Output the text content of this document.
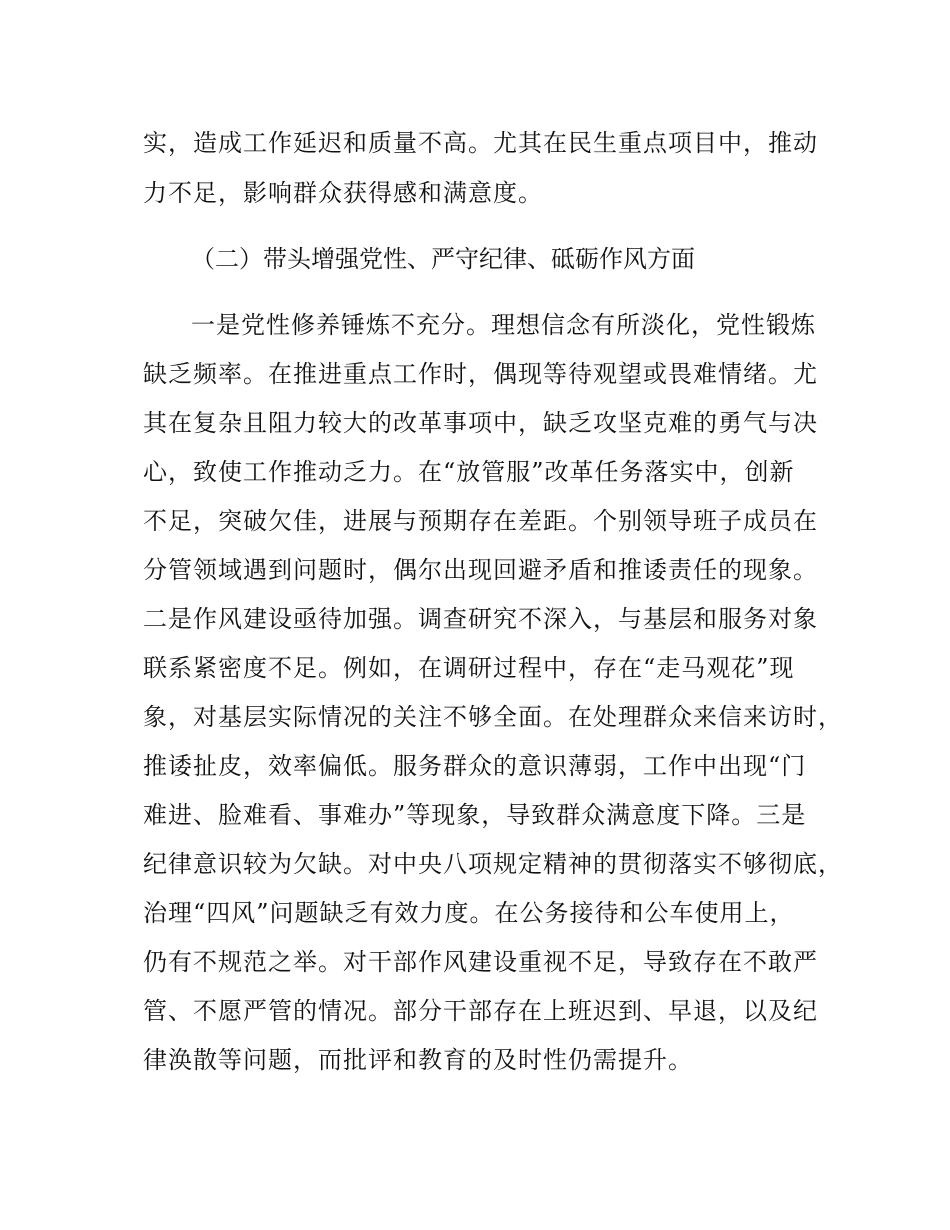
实，造成工作延迟和质量不高。尤其在民生重点项目中，推动
力不足，影响群众获得感和满意度。
（二）带头增强党性、严守纪律、砥砺作风方面
一是党性修养锤炼不充分。理想信念有所淡化，党性锻炼
缺乏频率。在推进重点工作时，偶现等待观望或畏难情绪。尤
其在复杂且阻力较大的改革事项中，缺乏攻坚克难的勇气与决
心，致使工作推动乏力。在“放管服”改革任务落实中，创新
不足，突破欠佳，进展与预期存在差距。个别领导班子成员在
分管领域遇到问题时，偶尔出现回避矛盾和推诿责任的现象。
二是作风建设亟待加强。调查研究不深入，与基层和服务对象
联系紧密度不足。例如，在调研过程中，存在“走马观花”现
象，对基层实际情况的关注不够全面。在处理群众来信来访时，
推诿扯皮，效率偏低。服务群众的意识薄弱，工作中出现“门
难进、脸难看、事难办”等现象，导致群众满意度下降。三是
纪律意识较为欠缺。对中央八项规定精神的贯彻落实不够彻底，
治理“四风”问题缺乏有效力度。在公务接待和公车使用上，
仍有不规范之举。对干部作风建设重视不足，导致存在不敢严
管、不愿严管的情况。部分干部存在上班迟到、早退，以及纪
律涣散等问题，而批评和教育的及时性仍需提升。
